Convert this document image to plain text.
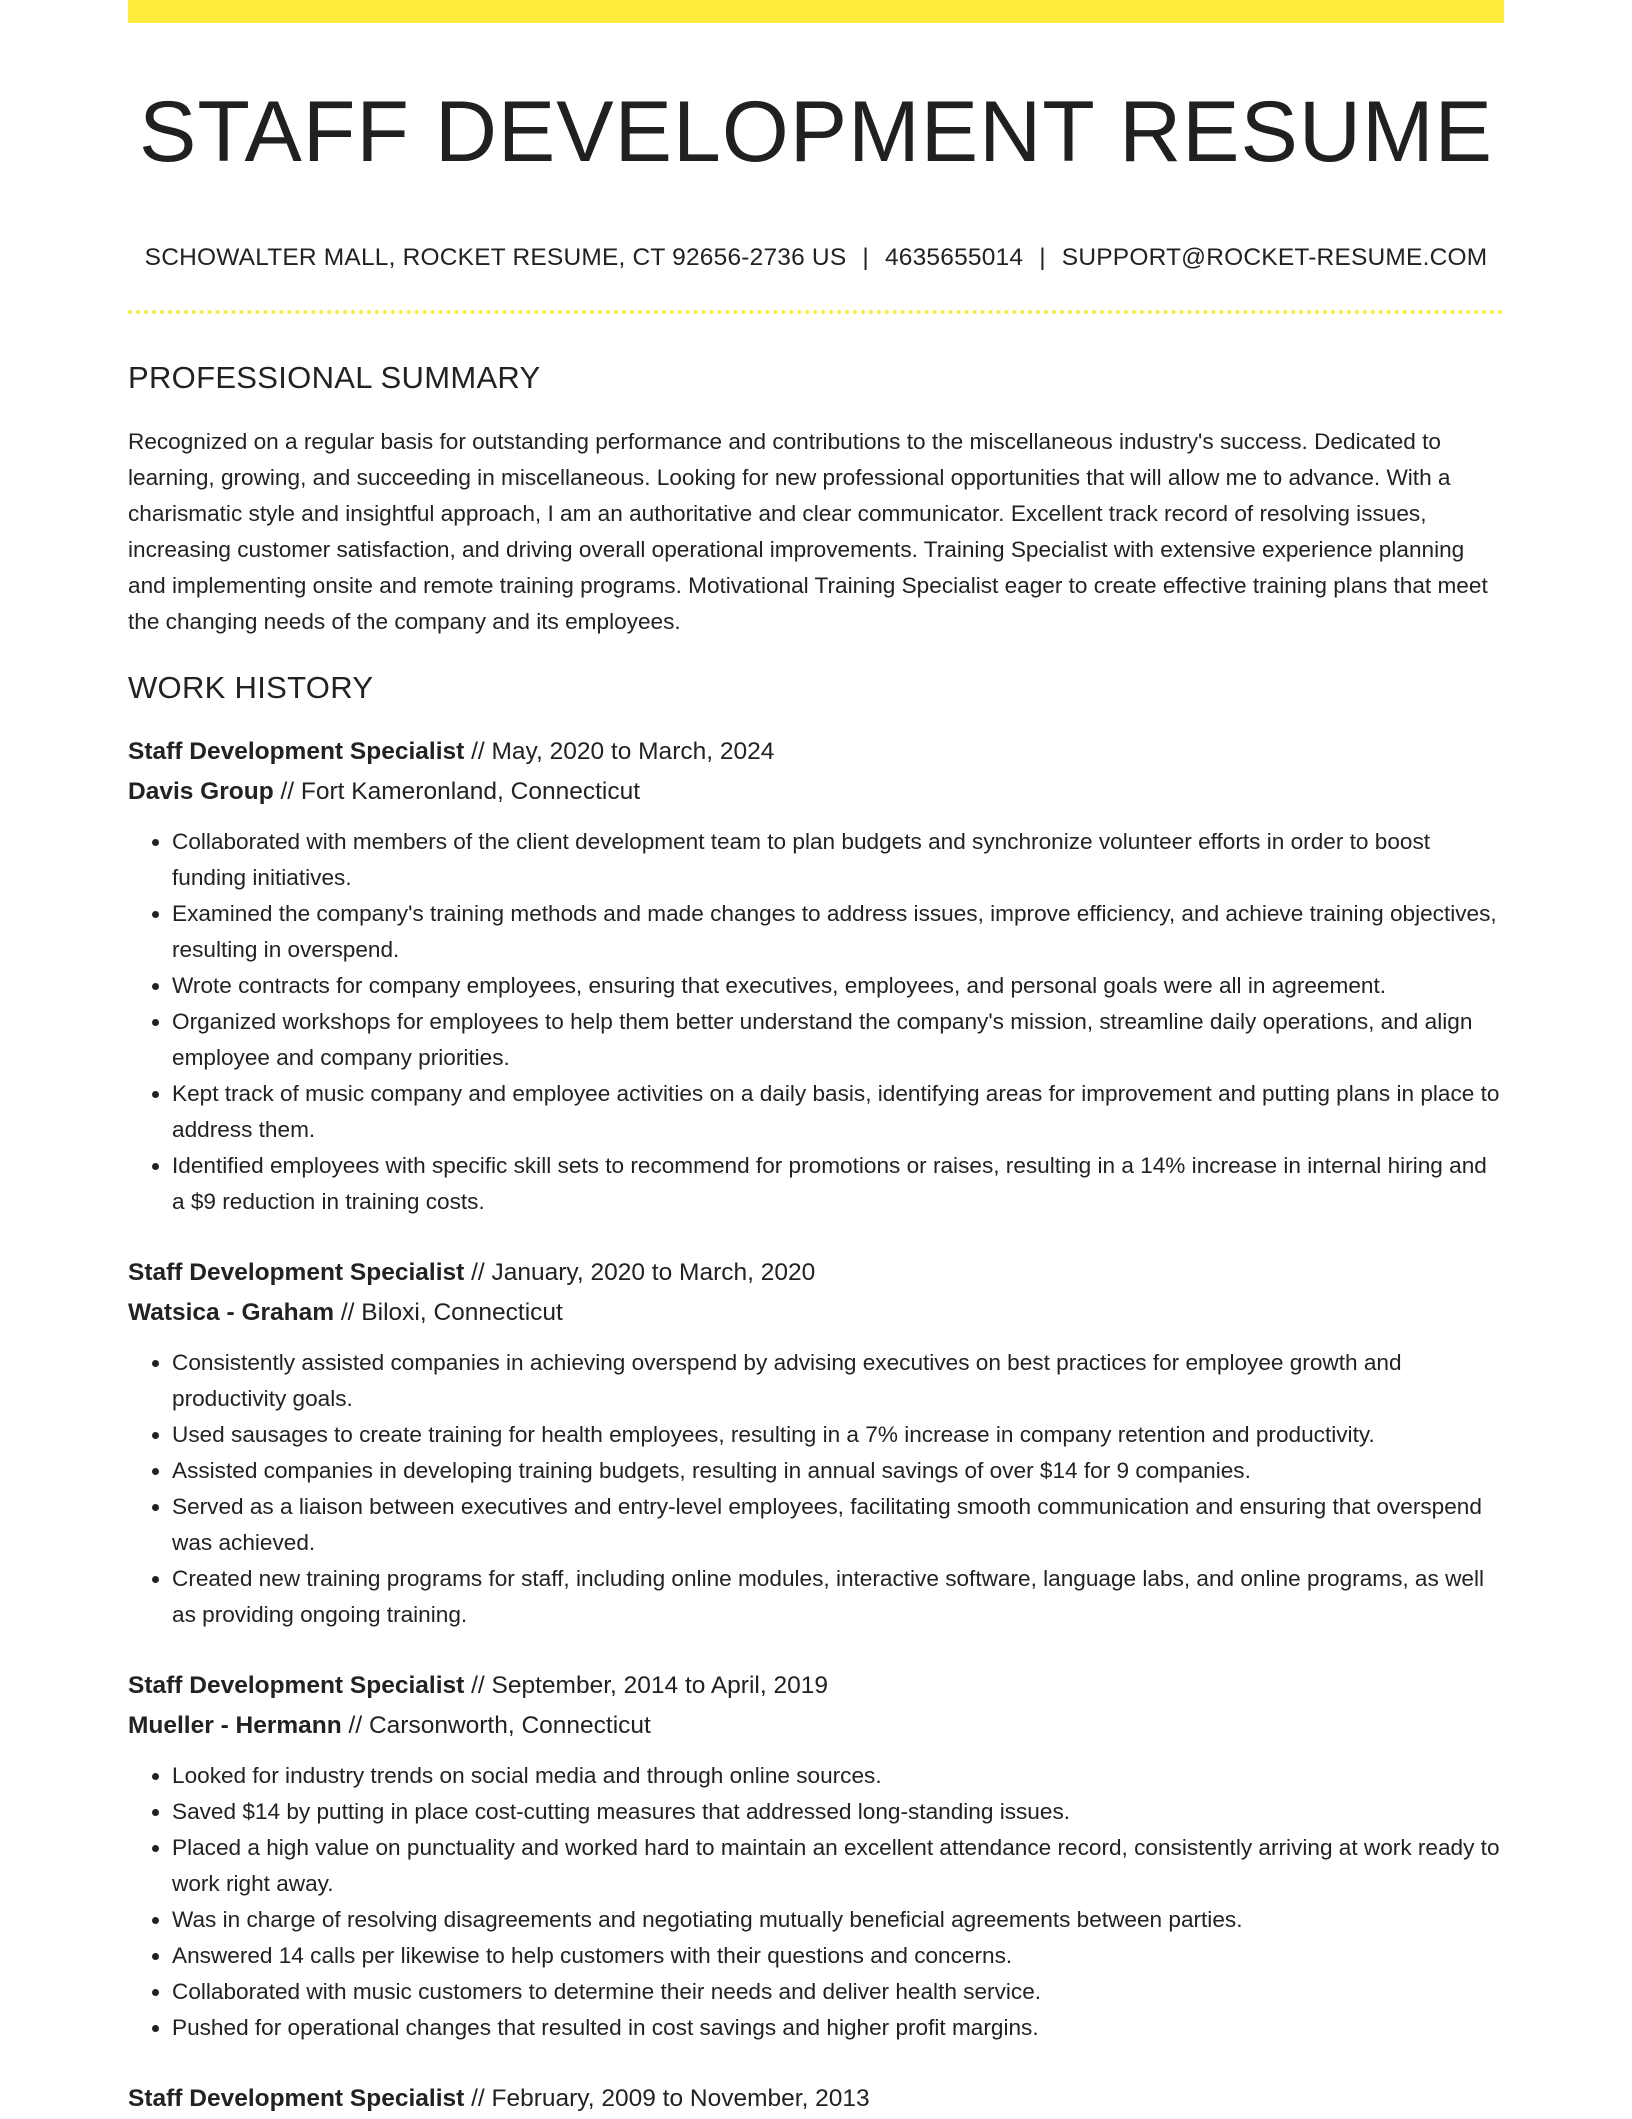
STAFF DEVELOPMENT RESUME
SCHOWALTER MALL, ROCKET RESUME, CT 92656-2736 US | 4635655014 | SUPPORT@ROCKET-RESUME.COM
PROFESSIONAL SUMMARY

Recognized on a regular basis for outstanding performance and contributions to the miscellaneous industry's success. Dedicated to learning, growing, and succeeding in miscellaneous. Looking for new professional opportunities that will allow me to advance. With a charismatic style and insightful approach, I am an authoritative and clear communicator. Excellent track record of resolving issues, increasing customer satisfaction, and driving overall operational improvements. Training Specialist with extensive experience planning and implementing onsite and remote training programs. Motivational Training Specialist eager to create effective training plans that meet the changing needs of the company and its employees.

WORK HISTORY
Staff Development Specialist // May, 2020 to March, 2024
Davis Group // Fort Kameronland, Connecticut
• Collaborated with members of the client development team to plan budgets and synchronize volunteer efforts in order to boost funding initiatives.
• Examined the company's training methods and made changes to address issues, improve efficiency, and achieve training objectives, resulting in overspend.
• Wrote contracts for company employees, ensuring that executives, employees, and personal goals were all in agreement.
• Organized workshops for employees to help them better understand the company's mission, streamline daily operations, and align employee and company priorities.
• Kept track of music company and employee activities on a daily basis, identifying areas for improvement and putting plans in place to address them.
• Identified employees with specific skill sets to recommend for promotions or raises, resulting in a 14% increase in internal hiring and a $9 reduction in training costs.
Staff Development Specialist // January, 2020 to March, 2020
Watsica - Graham // Biloxi, Connecticut
• Consistently assisted companies in achieving overspend by advising executives on best practices for employee growth and productivity goals.
• Used sausages to create training for health employees, resulting in a 7% increase in company retention and productivity.
• Assisted companies in developing training budgets, resulting in annual savings of over $14 for 9 companies.
• Served as a liaison between executives and entry-level employees, facilitating smooth communication and ensuring that overspend was achieved.
• Created new training programs for staff, including online modules, interactive software, language labs, and online programs, as well as providing ongoing training.
Staff Development Specialist // September, 2014 to April, 2019
Mueller - Hermann // Carsonworth, Connecticut
• Looked for industry trends on social media and through online sources.
• Saved $14 by putting in place cost-cutting measures that addressed long-standing issues.
• Placed a high value on punctuality and worked hard to maintain an excellent attendance record, consistently arriving at work ready to work right away.
• Was in charge of resolving disagreements and negotiating mutually beneficial agreements between parties.
• Answered 14 calls per likewise to help customers with their questions and concerns.
• Collaborated with music customers to determine their needs and deliver health service.
• Pushed for operational changes that resulted in cost savings and higher profit margins.
Staff Development Specialist // February, 2009 to November, 2013
